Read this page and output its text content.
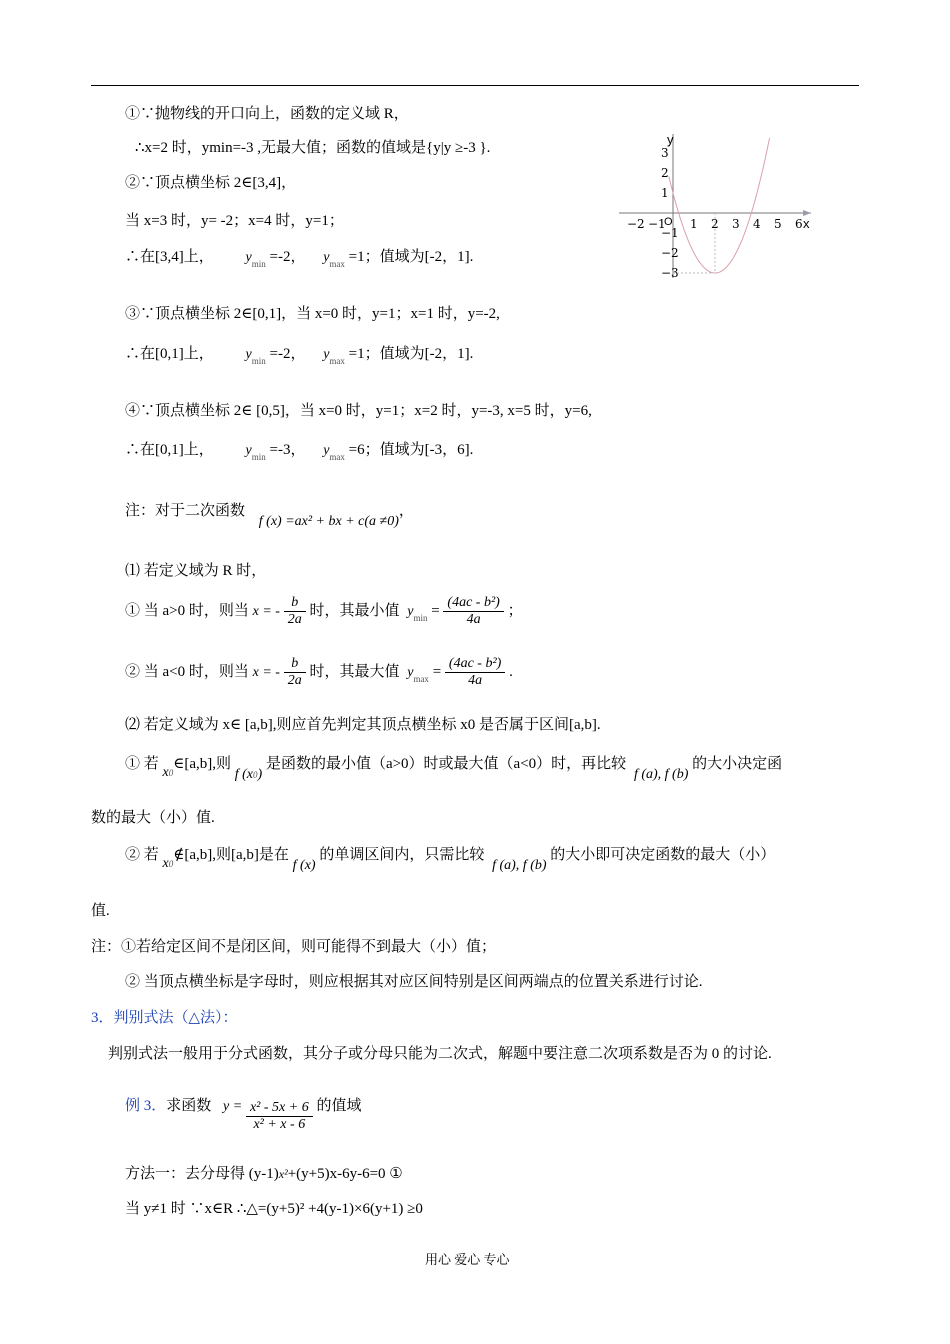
y
x
O
−2 −1 1 2 3 4 5 6
3
2
1
−1
−2
−3
①∵抛物线的开口向上，函数的定义域 R，
∴x=2 时，ymin=-3 ,无最大值；函数的值域是{y|y ≥-3 }.
②∵顶点横坐标 2∈[3,4]，
当 x=3 时，y= -2；x=4 时，y=1；
∴在[3,4]上， $y_{min} =-2$， $y_{max} =1$；值域为[-2，1].
③∵顶点横坐标 2∈[0,1]，当 x=0 时，y=1；x=1 时，y=-2,
∴在[0,1]上， $y_{min} =-2$， $y_{max} =1$；值域为[-2，1].
④∵顶点横坐标 2∈ [0,5]，当 x=0 时，y=1；x=2 时，y=-3, x=5 时，y=6,
∴在[0,1]上， $y_{min} =-3$， $y_{max} =6$；值域为[-3，6].
注：对于二次函数 f (x) =ax² + bx + c(a ≠0)，
⑴ 若定义域为 R 时，
① 当 a>0 时，则当 x = - $\frac{b}{2a}$ 时，其最小值 $y_{min} = \frac{\text{(4ac - b²)}}{4a}$ ；
② 当 a<0 时，则当 x = - $\frac{b}{2a}$ 时，其最大值 $y_{max} = \frac{\text{(4ac - b²)}}{4a}$ .
⑵ 若定义域为 x∈ [a,b],则应首先判定其顶点横坐标 x0 是否属于区间[a,b].
① 若 x0∈[a,b],则 f (x0) 是函数的最小值（a>0）时或最大值（a<0）时，再比较 f (a), f (b) 的大小决定函
数的最大（小）值.
② 若 x0∉[a,b],则[a,b]是在 f (x) 的单调区间内，只需比较 f (a), f (b) 的大小即可决定函数的最大（小）
值.
注：①若给定区间不是闭区间，则可能得不到最大（小）值；
② 当顶点横坐标是字母时，则应根据其对应区间特别是区间两端点的位置关系进行讨论.
3．判别式法（△法）：
判别式法一般用于分式函数，其分子或分母只能为二次式，解题中要注意二次项系数是否为 0 的讨论.
例 3．求函数 $y = \frac{\text{x² - 5x + 6}}{\text{x² + x - 6}}$ 的值域
方法一：去分母得 (y-1)x²+(y+5)x-6y-6=0 ①
当 y≠1 时 ∵x∈R ∴△=(y+5)² +4(y-1)×6(y+1) ≥0
用心 爱心 专心
